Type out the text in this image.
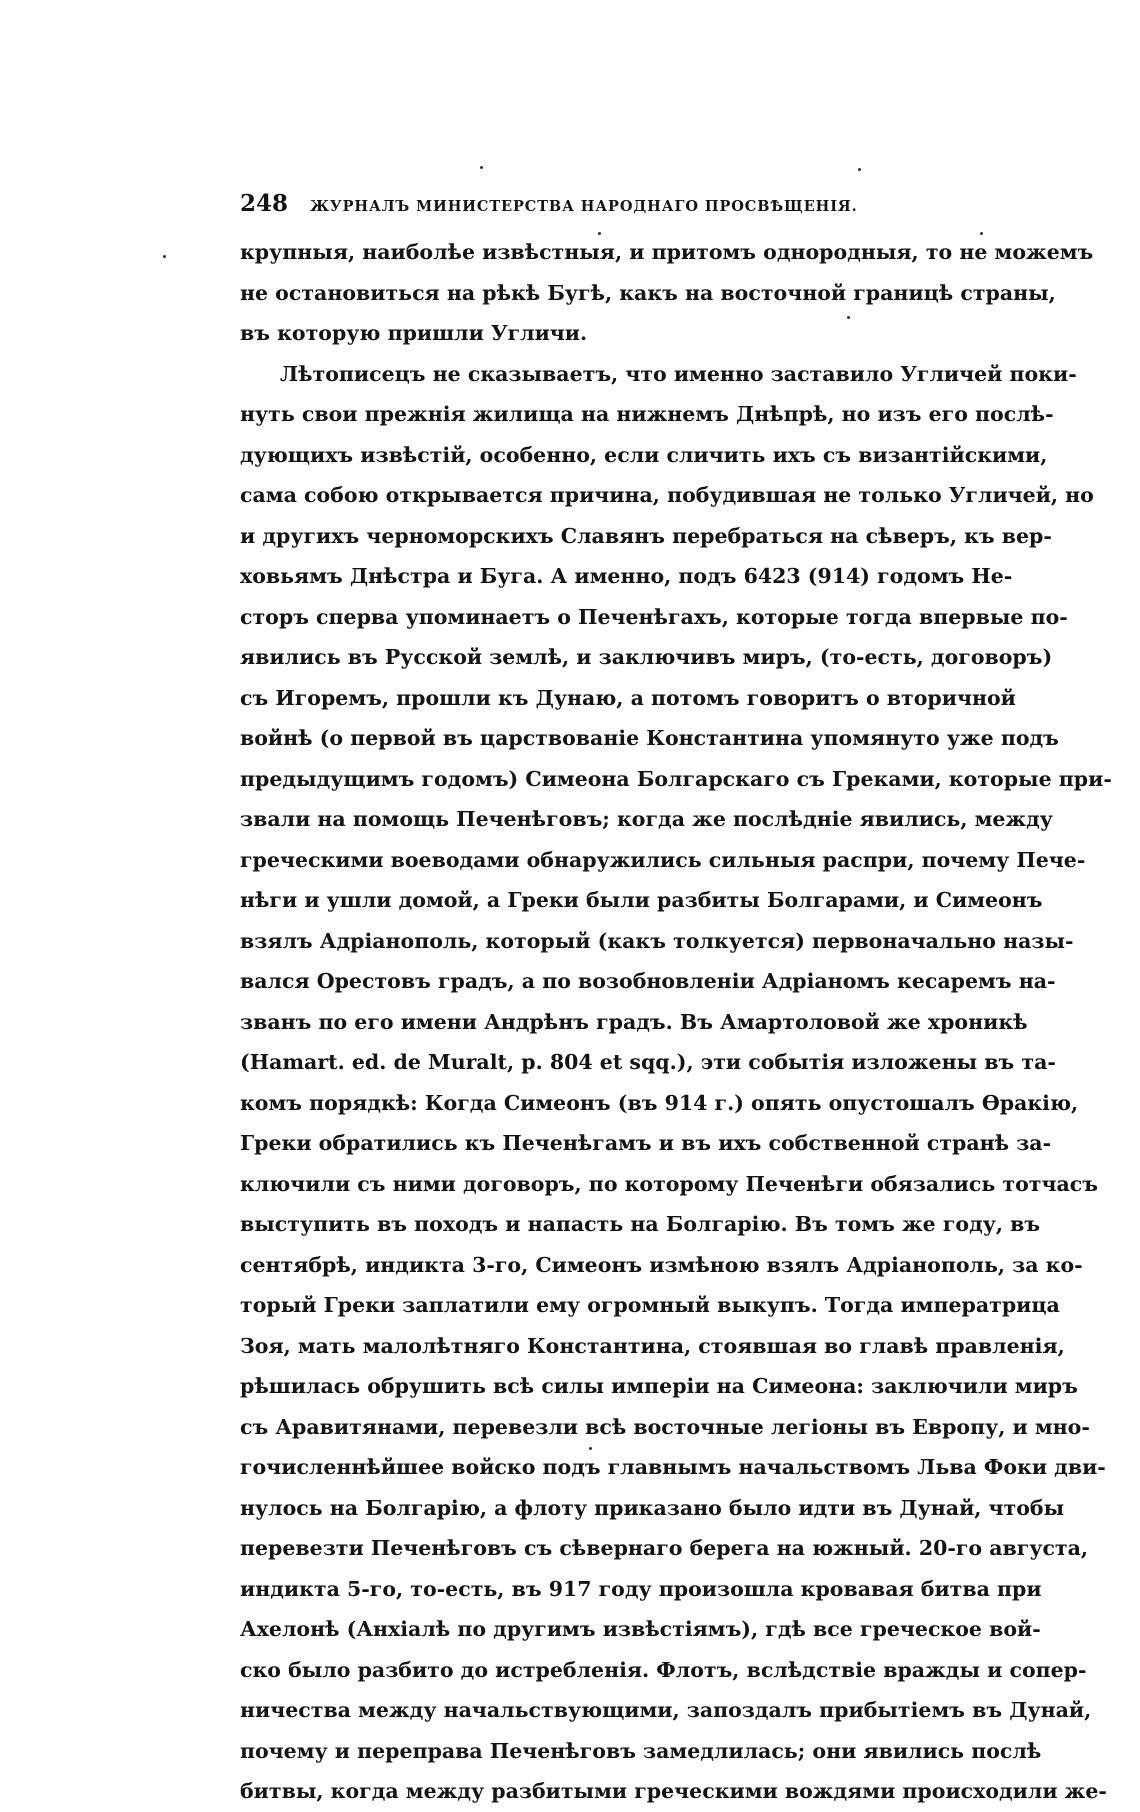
248	ЖУРНАЛЪ МИНИСТЕРСТВА НАРОДНАГО ПРОСВѢЩЕНІЯ.
крупныя, наиболѣе извѣстныя, и притомъ однородныя, то не можемъ
не остановиться на рѣкѣ Бугѣ, какъ на восточной границѣ страны,
въ которую пришли Угличи.
Лѣтописецъ не сказываетъ, что именно заставило Угличей поки-
нуть свои прежнія жилища на нижнемъ Днѣпрѣ, но изъ его послѣ-
дующихъ извѣстій, особенно, если сличить ихъ съ византійскими,
сама собою открывается причина, побудившая не только Угличей, но
и другихъ черноморскихъ Славянъ перебраться на сѣверъ, къ вер-
ховьямъ Днѣстра и Буга. А именно, подъ 6423 (914) годомъ Не-
сторъ сперва упоминаетъ о Печенѣгахъ, которые тогда впервые по-
явились въ Русской землѣ, и заключивъ миръ, (то-есть, договоръ)
съ Игоремъ, прошли къ Дунаю, а потомъ говоритъ о вторичной
войнѣ (о первой въ царствованіе Константина упомянуто уже подъ
предыдущимъ годомъ) Симеона Болгарскаго съ Греками, которые при-
звали на помощь Печенѣговъ; когда же послѣдніе явились, между
греческими воеводами обнаружились сильныя распри, почему Пече-
нѣги и ушли домой, а Греки были разбиты Болгарами, и Симеонъ
взялъ Адріанополь, который (какъ толкуется) первоначально назы-
вался Орестовъ градъ, а по возобновленіи Адріаномъ кесаремъ на-
званъ по его имени Андрѣнъ градъ. Въ Амартоловой же хроникѣ
(Hamart. ed. de Muralt, p. 804 et sqq.), эти событія изложены въ та-
комъ порядкѣ: Когда Симеонъ (въ 914 г.) опять опустошалъ Ѳракію,
Греки обратились къ Печенѣгамъ и въ ихъ собственной странѣ за-
ключили съ ними договоръ, по которому Печенѣги обязались тотчасъ
выступить въ походъ и напасть на Болгарію. Въ томъ же году, въ
сентябрѣ, индикта 3-го, Симеонъ измѣною взялъ Адріанополь, за ко-
торый Греки заплатили ему огромный выкупъ. Тогда императрица
Зоя, мать малолѣтняго Константина, стоявшая во главѣ правленія,
рѣшилась обрушить всѣ силы имперіи на Симеона: заключили миръ
съ Аравитянами, перевезли всѣ восточные легіоны въ Европу, и мно-
гочисленнѣйшее войско подъ главнымъ начальствомъ Льва Фоки дви-
нулось на Болгарію, а флоту приказано было идти въ Дунай, чтобы
перевезти Печенѣговъ съ сѣвернаго берега на южный. 20-го августа,
индикта 5-го, то-есть, въ 917 году произошла кровавая битва при
Ахелонѣ (Анхіалѣ по другимъ извѣстіямъ), гдѣ все греческое вой-
ско было разбито до истребленія. Флотъ, вслѣдствіе вражды и сопер-
ничества между начальствующими, запоздалъ прибытіемъ въ Дунай,
почему и переправа Печенѣговъ замедлилась; они явились послѣ
битвы, когда между разбитыми греческими вождями происходили же-
